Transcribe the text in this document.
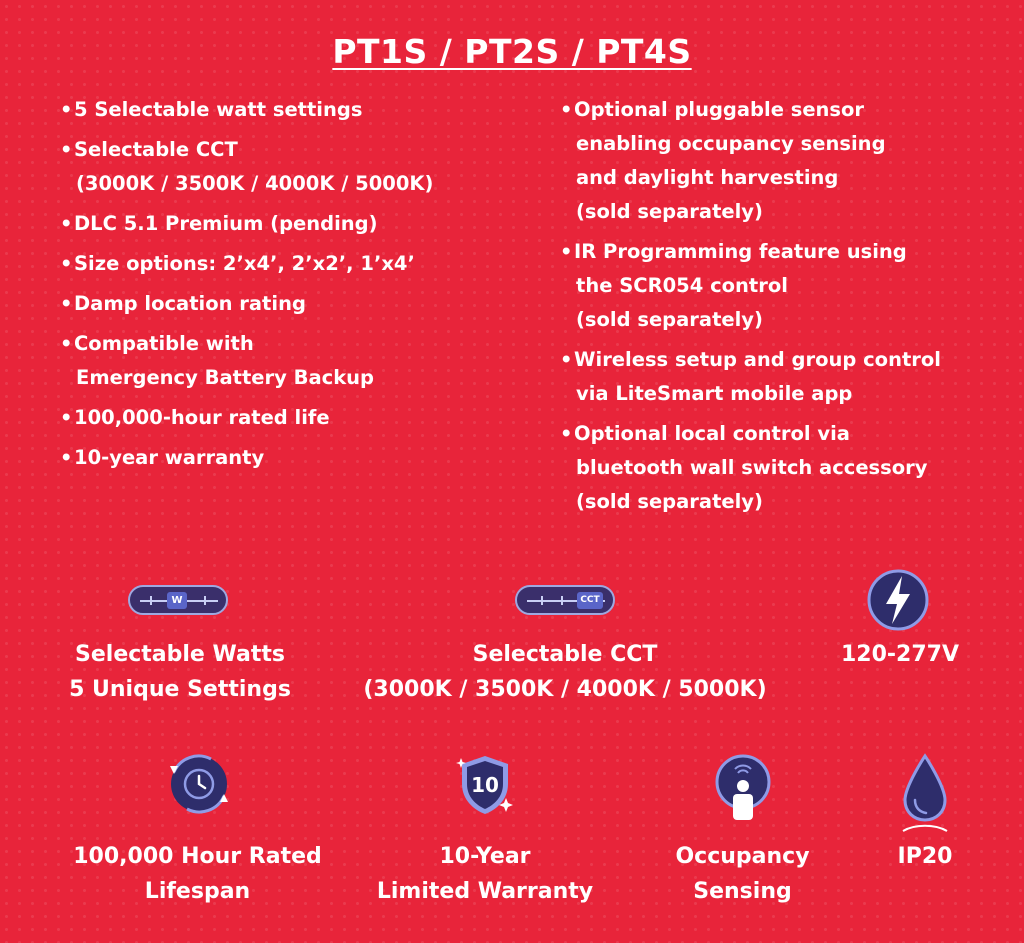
PT1S / PT2S / PT4S
• 5 Selectable watt settings
• Selectable CCT
(3000K / 3500K / 4000K / 5000K)
• DLC 5.1 Premium (pending)
• Size options: 2’x4’, 2’x2’, 1’x4’
• Damp location rating
• Compatible with
Emergency Battery Backup
• 100,000-hour rated life
• 10-year warranty
• Optional pluggable sensor
enabling occupancy sensing
and daylight harvesting
(sold separately)
• IR Programming feature using
the SCR054 control
(sold separately)
• Wireless setup and group control
via LiteSmart mobile app
• Optional local control via
bluetooth wall switch accessory
(sold separately)
W
Selectable Watts
5 Unique Settings
CCT
Selectable CCT
(3000K / 3500K / 4000K / 5000K)
120-277V
100,000 Hour Rated
Lifespan
10
10-Year
Limited Warranty
Occupancy
Sensing
IP20
